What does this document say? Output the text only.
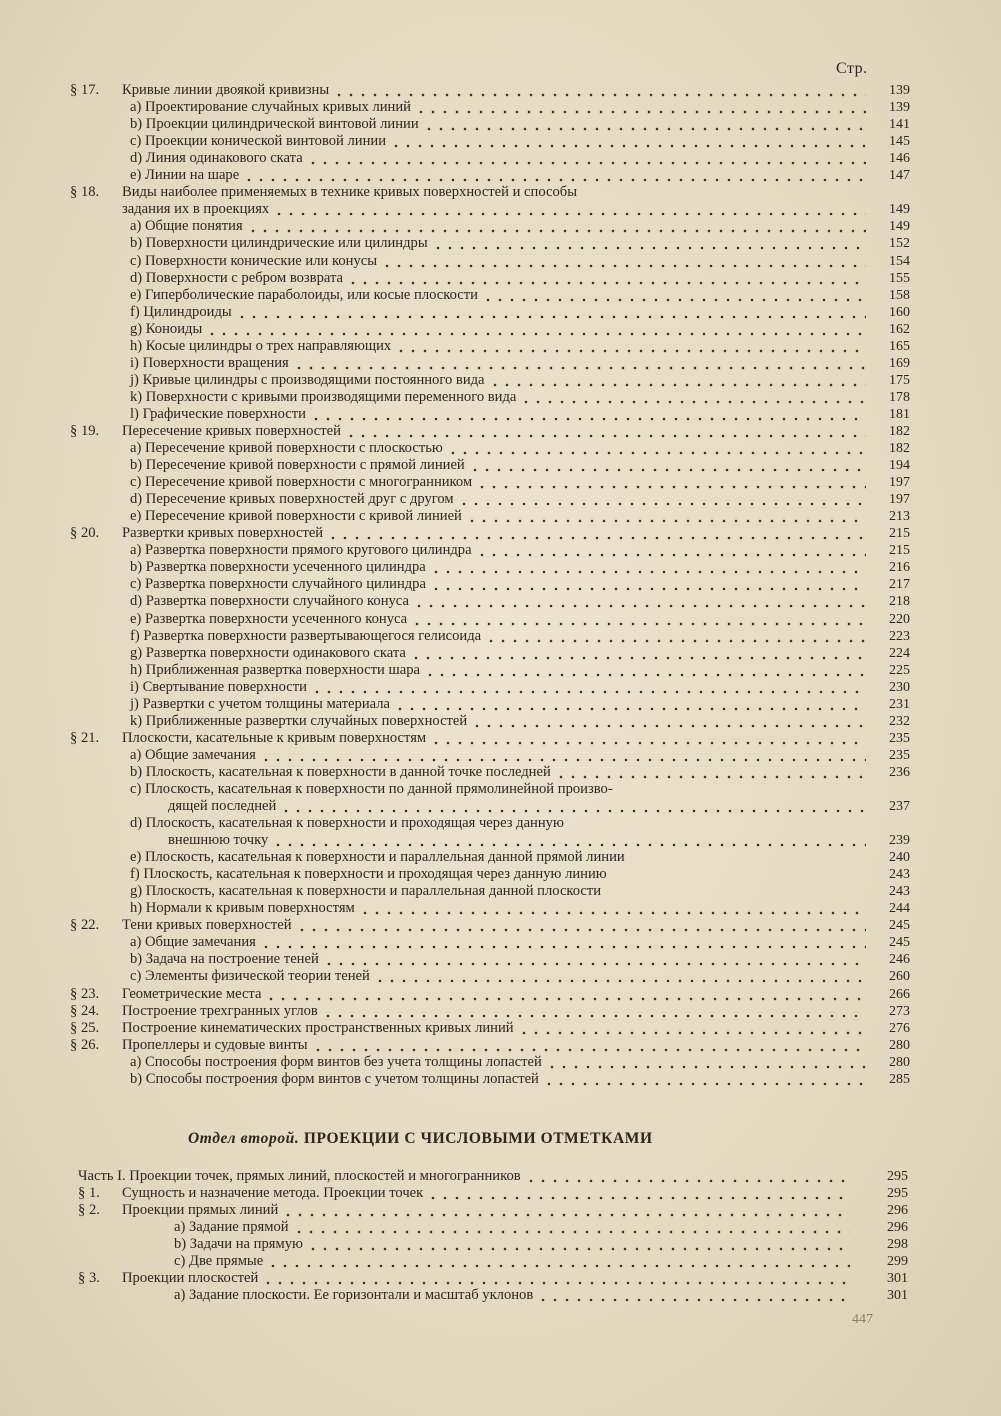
Стр.
§ 17.	Кривые линии двоякой кривизны	139
a) Проектирование случайных кривых линий	139
b) Проекции цилиндрической винтовой линии	141
c) Проекции конической винтовой линии	145
d) Линия одинакового ската	146
e) Линии на шаре	147
§ 18.	Виды наиболее применяемых в технике кривых поверхностей и способы
задания их в проекциях	149
a) Общие понятия	149
b) Поверхности цилиндрические или цилиндры	152
c) Поверхности конические или конусы	154
d) Поверхности с ребром возврата	155
e) Гиперболические параболоиды, или косые плоскости	158
f) Цилиндроиды	160
g) Коноиды	162
h) Косые цилиндры о трех направляющих	165
i) Поверхности вращения	169
j) Кривые цилиндры с производящими постоянного вида	175
k) Поверхности с кривыми производящими переменного вида	178
l) Графические поверхности	181
§ 19.	Пересечение кривых поверхностей	182
a) Пересечение кривой поверхности с плоскостью	182
b) Пересечение кривой поверхности с прямой линией	194
c) Пересечение кривой поверхности с многогранником	197
d) Пересечение кривых поверхностей друг с другом	197
e) Пересечение кривой поверхности с кривой линией	213
§ 20.	Развертки кривых поверхностей	215
a) Развертка поверхности прямого кругового цилиндра	215
b) Развертка поверхности усеченного цилиндра	216
c) Развертка поверхности случайного цилиндра	217
d) Развертка поверхности случайного конуса	218
e) Развертка поверхности усеченного конуса	220
f) Развертка поверхности развертывающегося гелисоида	223
g) Развертка поверхности одинакового ската	224
h) Приближенная развертка поверхности шара	225
i) Свертывание поверхности	230
j) Развертки с учетом толщины материала	231
k) Приближенные развертки случайных поверхностей	232
§ 21.	Плоскости, касательные к кривым поверхностям	235
a) Общие замечания	235
b) Плоскость, касательная к поверхности в данной точке последней	236
c) Плоскость, касательная к поверхности по данной прямолинейной произво-
дящей последней	237
d) Плоскость, касательная к поверхности и проходящая через данную
внешнюю точку	239
e) Плоскость, касательная к поверхности и параллельная данной прямой линии	240
f) Плоскость, касательная к поверхности и проходящая через данную линию	243
g) Плоскость, касательная к поверхности и параллельная данной плоскости	243
h) Нормали к кривым поверхностям	244
§ 22.	Тени кривых поверхностей	245
a) Общие замечания	245
b) Задача на построение теней	246
c) Элементы физической теории теней	260
§ 23.	Геометрические места	266
§ 24.	Построение трехгранных углов	273
§ 25.	Построение кинематических пространственных кривых линий	276
§ 26.	Пропеллеры и судовые винты	280
a) Способы построения форм винтов без учета толщины лопастей	280
b) Способы построения форм винтов с учетом толщины лопастей	285
Отдел второй. ПРОЕКЦИИ С ЧИСЛОВЫМИ ОТМЕТКАМИ
Часть I. Проекции точек, прямых линий, плоскостей и многогранников	295
§ 1.	Сущность и назначение метода. Проекции точек	295
§ 2.	Проекции прямых линий	296
a) Задание прямой	296
b) Задачи на прямую	298
c) Две прямые	299
§ 3.	Проекции плоскостей	301
a) Задание плоскости. Ее горизонтали и масштаб уклонов	301
447
